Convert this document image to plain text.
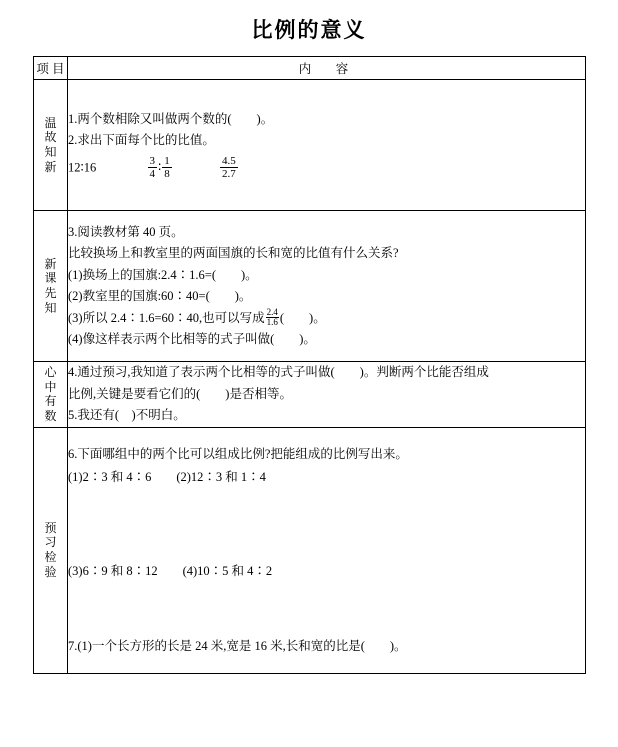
比例的意义
项 目	内　容

温
故
知
新

1.两个数相除又叫做两个数的(　　)。
2.求出下面每个比的比值。
12∶16	$\frac{3}{4}$ ∶ $\frac{1}{8}$
	$\frac{4.5}{2.7}$

新
课
先
知

3.阅读教材第 40 页。
比较换场上和教室里的两面国旗的长和宽的比值有什么关系?
(1)换场上的国旗:2.4∶1.6=(　　)。
(2)教室里的国旗:60∶40=(　　)。
(3)所以 2.4∶1.6=60∶40,也可以写成 $\frac{2.4}{1.6}$ (　　)。
(4)像这样表示两个比相等的式子叫做(　　)。

心
中
有
数

4.通过预习,我知道了表示两个比相等的式子叫做(　　)。判断两个比能否组成
比例,关键是要看它们的(　　)是否相等。
5.我还有(　)不明白。

预
习
检
验

6.下面哪组中的两个比可以组成比例?把能组成的比例写出来。
(1)2∶3 和 4∶6　　(2)12∶3 和 1∶4
(3)6∶9 和 8∶12　　(4)10∶5 和 4∶2
7.(1)一个长方形的长是 24 米,宽是 16 米,长和宽的比是(　　)。
